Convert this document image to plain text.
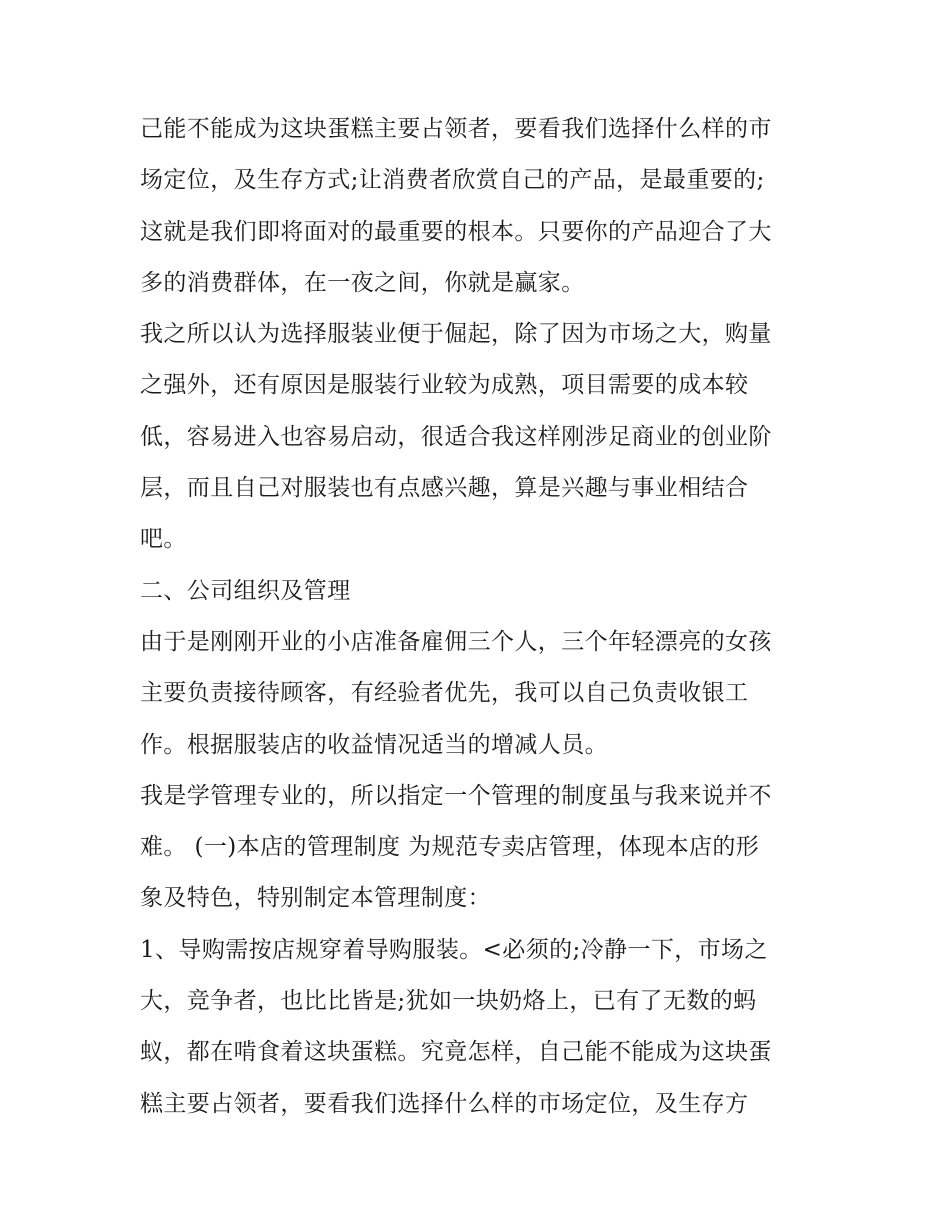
己能不能成为这块蛋糕主要占领者，要看我们选择什么样的市
场定位，及生存方式;让消费者欣赏自己的产品，是最重要的;
这就是我们即将面对的最重要的根本。只要你的产品迎合了大
多的消费群体，在一夜之间，你就是赢家。
我之所以认为选择服装业便于倔起，除了因为市场之大，购量
之强外，还有原因是服装行业较为成熟，项目需要的成本较
低，容易进入也容易启动，很适合我这样刚涉足商业的创业阶
层，而且自己对服装也有点感兴趣，算是兴趣与事业相结合
吧。
二、公司组织及管理
由于是刚刚开业的小店准备雇佣三个人，三个年轻漂亮的女孩
主要负责接待顾客，有经验者优先，我可以自己负责收银工
作。根据服装店的收益情况适当的增减人员。
我是学管理专业的，所以指定一个管理的制度虽与我来说并不
难。 (一)本店的管理制度 为规范专卖店管理，体现本店的形
象及特色，特别制定本管理制度：
1、导购需按店规穿着导购服装。<必须的;冷静一下，市场之
大，竞争者，也比比皆是;犹如一块奶烙上，已有了无数的蚂
蚁，都在啃食着这块蛋糕。究竟怎样，自己能不能成为这块蛋
糕主要占领者，要看我们选择什么样的市场定位，及生存方
